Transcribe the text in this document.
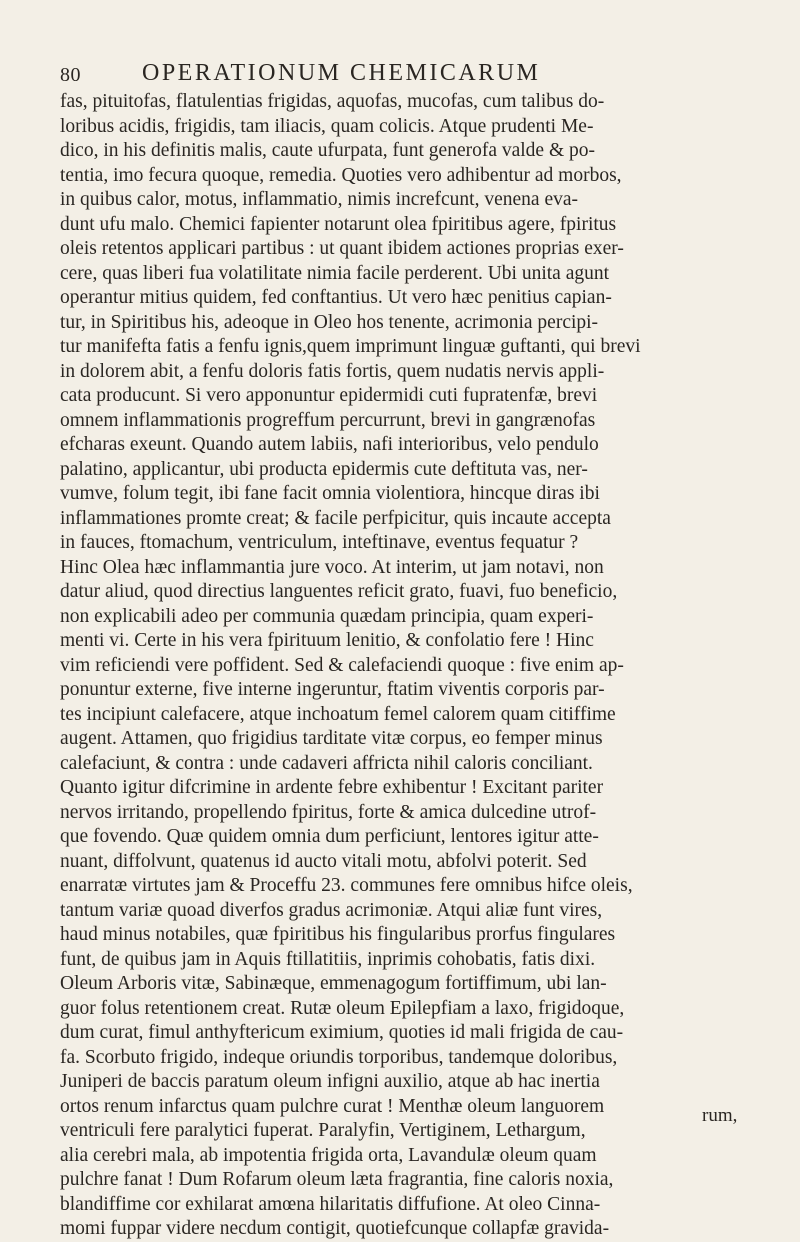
80	OPERATIONUM CHEMICARUM
fas, pituitofas, flatulentias frigidas, aquofas, mucofas, cum talibus do-
loribus acidis, frigidis, tam iliacis, quam colicis. Atque prudenti Me-
dico, in his definitis malis, caute ufurpata, funt generofa valde & po-
tentia, imo fecura quoque, remedia. Quoties vero adhibentur ad morbos,
in quibus calor, motus, inflammatio, nimis increfcunt, venena eva-
dunt ufu malo. Chemici fapienter notarunt olea fpiritibus agere, fpiritus
oleis retentos applicari partibus : ut quant ibidem actiones proprias exer-
cere, quas liberi fua volatilitate nimia facile perderent. Ubi unita agunt
operantur mitius quidem, fed conftantius. Ut vero hæc penitius capian-
tur, in Spiritibus his, adeoque in Oleo hos tenente, acrimonia percipi-
tur manifefta fatis a fenfu ignis,quem imprimunt linguæ guftanti, qui brevi
in dolorem abit, a fenfu doloris fatis fortis, quem nudatis nervis appli-
cata producunt. Si vero apponuntur epidermidi cuti fupratenfæ, brevi
omnem inflammationis progreffum percurrunt, brevi in gangrænofas
efcharas exeunt. Quando autem labiis, nafi interioribus, velo pendulo
palatino, applicantur, ubi producta epidermis cute deftituta vas, ner-
vumve, folum tegit, ibi fane facit omnia violentiora, hincque diras ibi
inflammationes promte creat; & facile perfpicitur, quis incaute accepta
in fauces, ftomachum, ventriculum, inteftinave, eventus fequatur ?
Hinc Olea hæc inflammantia jure voco. At interim, ut jam notavi, non
datur aliud, quod directius languentes reficit grato, fuavi, fuo beneficio,
non explicabili adeo per communia quædam principia, quam experi-
menti vi. Certe in his vera fpirituum lenitio, & confolatio fere ! Hinc
vim reficiendi vere poffident. Sed & calefaciendi quoque : five enim ap-
ponuntur externe, five interne ingeruntur, ftatim viventis corporis par-
tes incipiunt calefacere, atque inchoatum femel calorem quam citiffime
augent. Attamen, quo frigidius tarditate vitæ corpus, eo femper minus
calefaciunt, & contra : unde cadaveri affricta nihil caloris conciliant.
Quanto igitur difcrimine in ardente febre exhibentur ! Excitant pariter
nervos irritando, propellendo fpiritus, forte & amica dulcedine utrof-
que fovendo. Quæ quidem omnia dum perficiunt, lentores igitur atte-
nuant, diffolvunt, quatenus id aucto vitali motu, abfolvi poterit. Sed
enarratæ virtutes jam & Proceffu 23. communes fere omnibus hifce oleis,
tantum variæ quoad diverfos gradus acrimoniæ. Atqui aliæ funt vires,
haud minus notabiles, quæ fpiritibus his fingularibus prorfus fingulares
funt, de quibus jam in Aquis ftillatitiis, inprimis cohobatis, fatis dixi.
Oleum Arboris vitæ, Sabinæque, emmenagogum fortiffimum, ubi lan-
guor folus retentionem creat. Rutæ oleum Epilepfiam a laxo, frigidoque,
dum curat, fimul anthyftericum eximium, quoties id mali frigida de cau-
fa. Scorbuto frigido, indeque oriundis torporibus, tandemque doloribus,
Juniperi de baccis paratum oleum infigni auxilio, atque ab hac inertia
ortos renum infarctus quam pulchre curat ! Menthæ oleum languorem
ventriculi fere paralytici fuperat. Paralyfin, Vertiginem, Lethargum,
alia cerebri mala, ab impotentia frigida orta, Lavandulæ oleum quam
pulchre fanat ! Dum Rofarum oleum læta fragrantia, fine caloris noxia,
blandiffime cor exhilarat amœna hilaritatis diffufione. At oleo Cinna-
momi fuppar videre necdum contigit, quotiefcunque collapfæ gravida-
rum,
